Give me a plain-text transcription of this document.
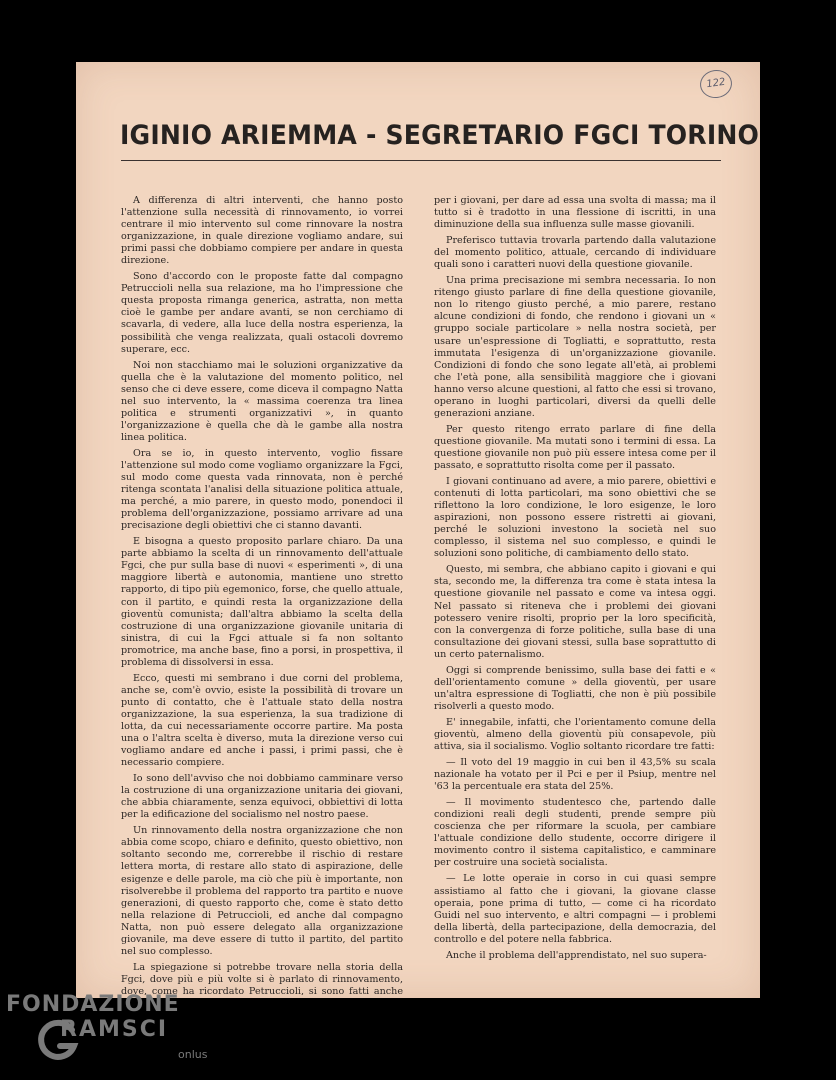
122
IGINIO ARIEMMA - SEGRETARIO FGCI TORINO

A differenza di altri interventi, che hanno posto l'attenzione sulla necessità di rinnovamento, io vorrei centrare il mio intervento sul come rinnovare la nostra organizzazione, in quale direzione vogliamo andare, sui primi passi che dobbiamo compiere per andare in questa direzione.

Sono d'accordo con le proposte fatte dal compagno Petruccioli nella sua relazione, ma ho l'impressione che questa proposta rimanga generica, astratta, non metta cioè le gambe per andare avanti, se non cerchiamo di scavarla, di vedere, alla luce della nostra esperienza, la possibilità che venga realizzata, quali ostacoli dovremo superare, ecc.

Noi non stacchiamo mai le soluzioni organizzative da quella che è la valutazione del momento politico, nel senso che ci deve essere, come diceva il compagno Natta nel suo intervento, la « massima coerenza tra linea politica e strumenti organizzativi », in quanto l'organizzazione è quella che dà le gambe alla nostra linea politica.

Ora se io, in questo intervento, voglio fissare l'attenzione sul modo come vogliamo organizzare la Fgci, sul modo come questa vada rinnovata, non è perché ritenga scontata l'analisi della situazione politica attuale, ma perché, a mio parere, in questo modo, ponendoci il problema dell'organizzazione, possiamo arrivare ad una precisazione degli obiettivi che ci stanno davanti.

E bisogna a questo proposito parlare chiaro. Da una parte abbiamo la scelta di un rinnovamento dell'attuale Fgci, che pur sulla base di nuovi « esperimenti », di una maggiore libertà e autonomia, mantiene uno stretto rapporto, di tipo più egemonico, forse, che quello attuale, con il partito, e quindi resta la organizzazione della gioventù comunista; dall'altra abbiamo la scelta della costruzione di una organizzazione giovanile unitaria di sinistra, di cui la Fgci attuale si fa non soltanto promotrice, ma anche base, fino a porsi, in prospettiva, il problema di dissolversi in essa.

Ecco, questi mi sembrano i due corni del problema, anche se, com'è ovvio, esiste la possibilità di trovare un punto di contatto, che è l'attuale stato della nostra organizzazione, la sua esperienza, la sua tradizione di lotta, da cui necessariamente occorre partire. Ma posta una o l'altra scelta è diverso, muta la direzione verso cui vogliamo andare ed anche i passi, i primi passi, che è necessario compiere.

Io sono dell'avviso che noi dobbiamo camminare verso la costruzione di una organizzazione unitaria dei giovani, che abbia chiaramente, senza equivoci, obbiettivi di lotta per la edificazione del socialismo nel nostro paese.

Un rinnovamento della nostra organizzazione che non abbia come scopo, chiaro e definito, questo obiettivo, non soltanto secondo me, correrebbe il rischio di restare lettera morta, di restare allo stato di aspirazione, delle esigenze e delle parole, ma ciò che più è importante, non risolverebbe il problema del rapporto tra partito e nuove generazioni, di questo rapporto che, come è stato detto nella relazione di Petruccioli, ed anche dal compagno Natta, non può essere delegato alla organizzazione giovanile, ma deve essere di tutto il partito, del partito nel suo complesso.

La spiegazione si potrebbe trovare nella storia della Fgci, dove più e più volte si è parlato di rinnovamento, dove, come ha ricordato Petruccioli, si sono fatti anche

per i giovani, per dare ad essa una svolta di massa; ma il tutto si è tradotto in una flessione di iscritti, in una diminuzione della sua influenza sulle masse giovanili.

Preferisco tuttavia trovarla partendo dalla valutazione del momento politico, attuale, cercando di individuare quali sono i caratteri nuovi della questione giovanile.

Una prima precisazione mi sembra necessaria. Io non ritengo giusto parlare di fine della questione giovanile, non lo ritengo giusto perché, a mio parere, restano alcune condizioni di fondo, che rendono i giovani un « gruppo sociale particolare » nella nostra società, per usare un'espressione di Togliatti, e soprattutto, resta immutata l'esigenza di un'organizzazione giovanile. Condizioni di fondo che sono legate all'età, ai problemi che l'età pone, alla sensibilità maggiore che i giovani hanno verso alcune questioni, al fatto che essi si trovano, operano in luoghi particolari, diversi da quelli delle generazioni anziane.

Per questo ritengo errato parlare di fine della questione giovanile. Ma mutati sono i termini di essa. La questione giovanile non può più essere intesa come per il passato, e soprattutto risolta come per il passato.

I giovani continuano ad avere, a mio parere, obiettivi e contenuti di lotta particolari, ma sono obiettivi che se riflettono la loro condizione, le loro esigenze, le loro aspirazioni, non possono essere ristretti ai giovani, perché le soluzioni investono la società nel suo complesso, il sistema nel suo complesso, e quindi le soluzioni sono politiche, di cambiamento dello stato.

Questo, mi sembra, che abbiano capito i giovani e qui sta, secondo me, la differenza tra come è stata intesa la questione giovanile nel passato e come va intesa oggi. Nel passato si riteneva che i problemi dei giovani potessero venire risolti, proprio per la loro specificità, con la convergenza di forze politiche, sulla base di una consultazione dei giovani stessi, sulla base soprattutto di un certo paternalismo.

Oggi si comprende benissimo, sulla base dei fatti e « dell'orientamento comune » della gioventù, per usare un'altra espressione di Togliatti, che non è più possibile risolverli a questo modo.

E' innegabile, infatti, che l'orientamento comune della gioventù, almeno della gioventù più consapevole, più attiva, sia il socialismo. Voglio soltanto ricordare tre fatti:

— Il voto del 19 maggio in cui ben il 43,5% su scala nazionale ha votato per il Pci e per il Psiup, mentre nel '63 la percentuale era stata del 25%.

— Il movimento studentesco che, partendo dalle condizioni reali degli studenti, prende sempre più coscienza che per riformare la scuola, per cambiare l'attuale condizione dello studente, occorre dirigere il movimento contro il sistema capitalistico, e camminare per costruire una società socialista.

— Le lotte operaie in corso in cui quasi sempre assistiamo al fatto che i giovani, la giovane classe operaia, pone prima di tutto, — come ci ha ricordato Guidi nel suo intervento, e altri compagni — i problemi della libertà, della partecipazione, della democrazia, del controllo e del potere nella fabbrica.

Anche il problema dell'apprendistato, nel suo supera-

FONDAZIONE
RAMSCI
onlus
